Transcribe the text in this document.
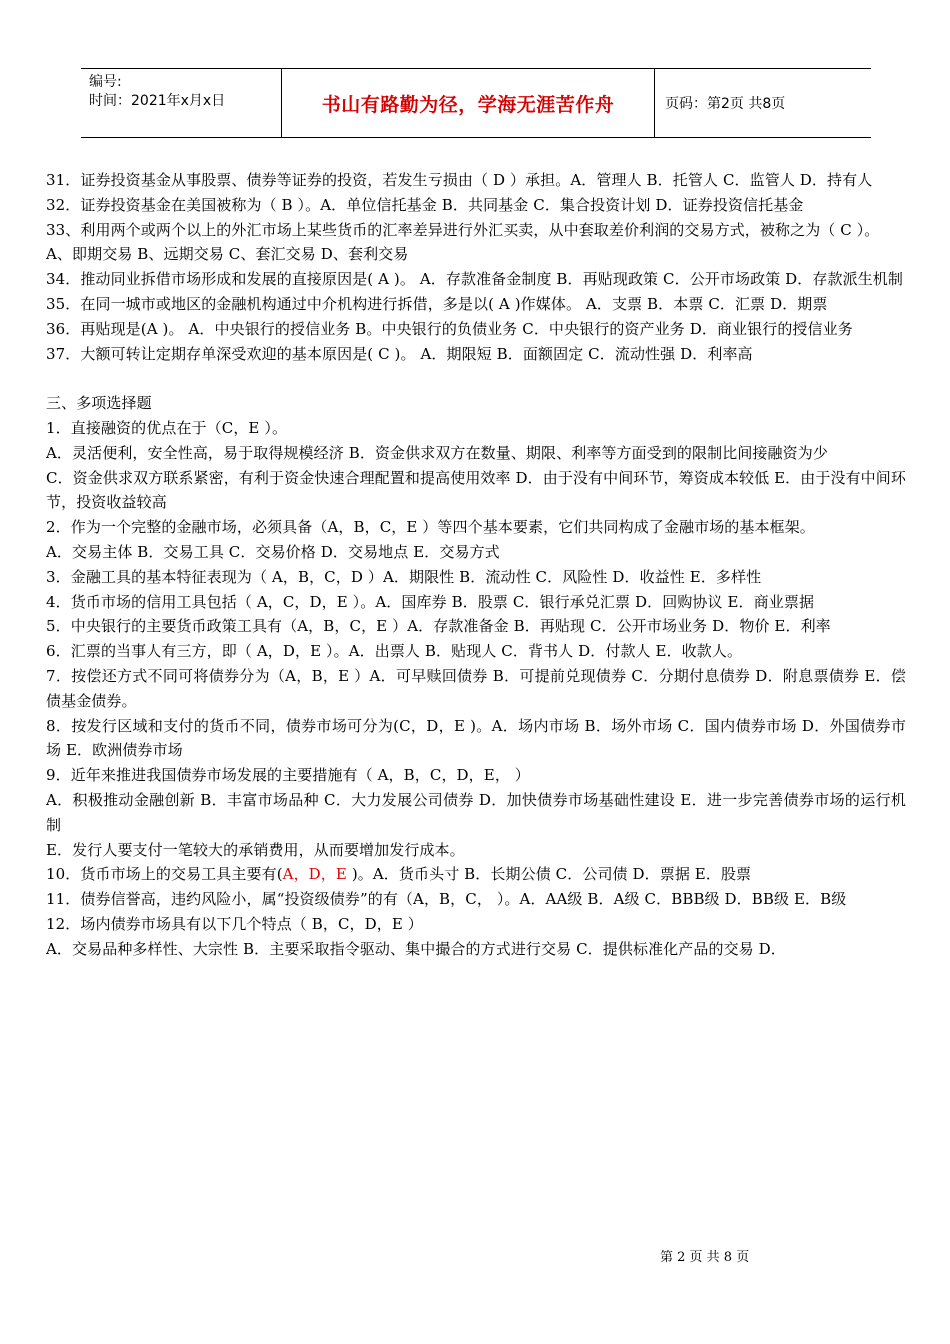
编号:
时间：2021年x月x日	书山有路勤为径，学海无涯苦作舟	页码：第2页 共8页

31．证券投资基金从事股票、债券等证券的投资，若发生亏损由（ D ）承担。A．管理人 B．托管人 C．监管人 D．持有人

32．证券投资基金在美国被称为（ B ）。A．单位信托基金 B．共同基金 C．集合投资计划 D．证券投资信托基金

33、利用两个或两个以上的外汇市场上某些货币的汇率差异进行外汇买卖，从中套取差价利润的交易方式，被称之为（ C ）。

A、即期交易 B、远期交易 C、套汇交易 D、套利交易

34．推动同业拆借市场形成和发展的直接原因是( A )。 A．存款准备金制度 B．再贴现政策 C．公开市场政策 D．存款派生机制

35．在同一城市或地区的金融机构通过中介机构进行拆借，多是以( A )作媒体。 A．支票 B．本票 C．汇票 D．期票

36．再贴现是(A )。 A．中央银行的授信业务 B。中央银行的负债业务 C．中央银行的资产业务 D．商业银行的授信业务

37．大额可转让定期存单深受欢迎的基本原因是( C )。 A．期限短 B．面额固定 C．流动性强 D．利率高

三、多项选择题

1．直接融资的优点在于（C，E ）。

A．灵活便利，安全性高，易于取得规模经济 B．资金供求双方在数量、期限、利率等方面受到的限制比间接融资为少

C．资金供求双方联系紧密，有利于资金快速合理配置和提高使用效率 D．由于没有中间环节，筹资成本较低 E．由于没有中间环节，投资收益较高

2．作为一个完整的金融市场，必须具备（A，B，C，E ）等四个基本要素，它们共同构成了金融市场的基本框架。

A．交易主体 B．交易工具 C．交易价格 D．交易地点 E．交易方式

3．金融工具的基本特征表现为（ A，B，C，D ）A．期限性 B．流动性 C．风险性 D．收益性 E．多样性

4．货币市场的信用工具包括（ A，C，D，E ）。A．国库券 B．股票 C．银行承兑汇票 D．回购协议 E．商业票据

5．中央银行的主要货币政策工具有（A，B，C，E ）A．存款准备金 B．再贴现 C．公开市场业务 D．物价 E．利率

6．汇票的当事人有三方，即（ A，D，E ）。A．出票人 B．贴现人 C．背书人 D．付款人 E．收款人。

7．按偿还方式不同可将债券分为（A，B，E ）A．可早赎回债券 B．可提前兑现债券 C．分期付息债券 D．附息票债券 E．偿债基金债券。

8．按发行区域和支付的货币不同，债券市场可分为(C，D，E )。A．场内市场 B．场外市场 C．国内债券市场 D．外国债券市场 E．欧洲债券市场

9．近年来推进我国债券市场发展的主要措施有（ A，B，C，D，E， ）

A．积极推动金融创新 B．丰富市场品种 C．大力发展公司债券 D．加快债券市场基础性建设 E．进一步完善债券市场的运行机制

E．发行人要支付一笔较大的承销费用，从而要增加发行成本。

10．货币市场上的交易工具主要有(A，D，E )。A．货币头寸 B．长期公债 C．公司债 D．票据 E．股票

11．债券信誉高，违约风险小，属“投资级债券”的有（A，B，C， ）。A．AA级 B．A级 C．BBB级 D．BB级 E．B级

12．场内债券市场具有以下几个特点（ B，C，D，E ）

A．交易品种多样性、大宗性 B．主要采取指令驱动、集中撮合的方式进行交易 C．提供标准化产品的交易 D．

第 2 页 共 8 页
